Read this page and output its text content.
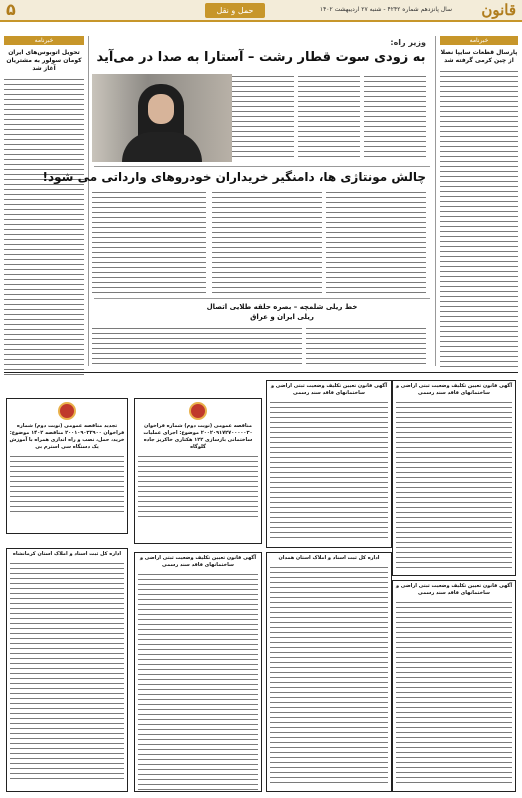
قانون
سال پانزدهم شماره ۴۲۴۲ - شنبه ۲۷ اردیبهشت ۱۴۰۲
حمل و نقل
۵
خبرنامه
پارسال قطعات سایپا نصلا از چین کرمی گرفته شد
خبرنامه
تحویل اتوبوس‌های ایران کومان سولور به مشتریان آغاز شد
وزیر راه:
به زودی سوت قطار رشت – آستارا به صدا در می‌آید
چالش مونتاژی ها، دامنگیر خریداران خودروهای وارداتی می شود!
خط ریلی شلمچه – بصره حلقه طلایی اتصال ریلی ایران و عراق
تجدید مناقصه عمومی (نوبت دوم) شماره فراخوان ۲۰۰۱۰۹۰۳۲۹۰۰ مناقصه ۱۴۰۲ موضوع: خرید، حمل، نصب و راه اندازی همراه با آموزش یک دستگاه سی استرم بی
مناقصه عمومی (نوبت دوم) شماره فراخوان ۲۰۰۲۰۹۱۷۲۷۰۰۰۰۰۳۰ موضوع: اجرای عملیات ساختمانی بازسازی ۱۲۲ هکتاری خاکریز جاده گلوگاه
آگهی قانون تعیین تکلیف وضعیت ثبتی اراضی و ساختمانهای فاقد سند رسمی
آگهی قانون تعیین تکلیف وضعیت ثبتی اراضی و ساختمانهای فاقد سند رسمی
اداره کل ثبت اسناد و املاک استان کرمانشاه
آگهی قانون تعیین تکلیف وضعیت ثبتی اراضی و ساختمانهای فاقد سند رسمی
اداره کل ثبت اسناد و املاک استان همدان
آگهی قانون تعیین تکلیف وضعیت ثبتی اراضی و ساختمانهای فاقد سند رسمی
